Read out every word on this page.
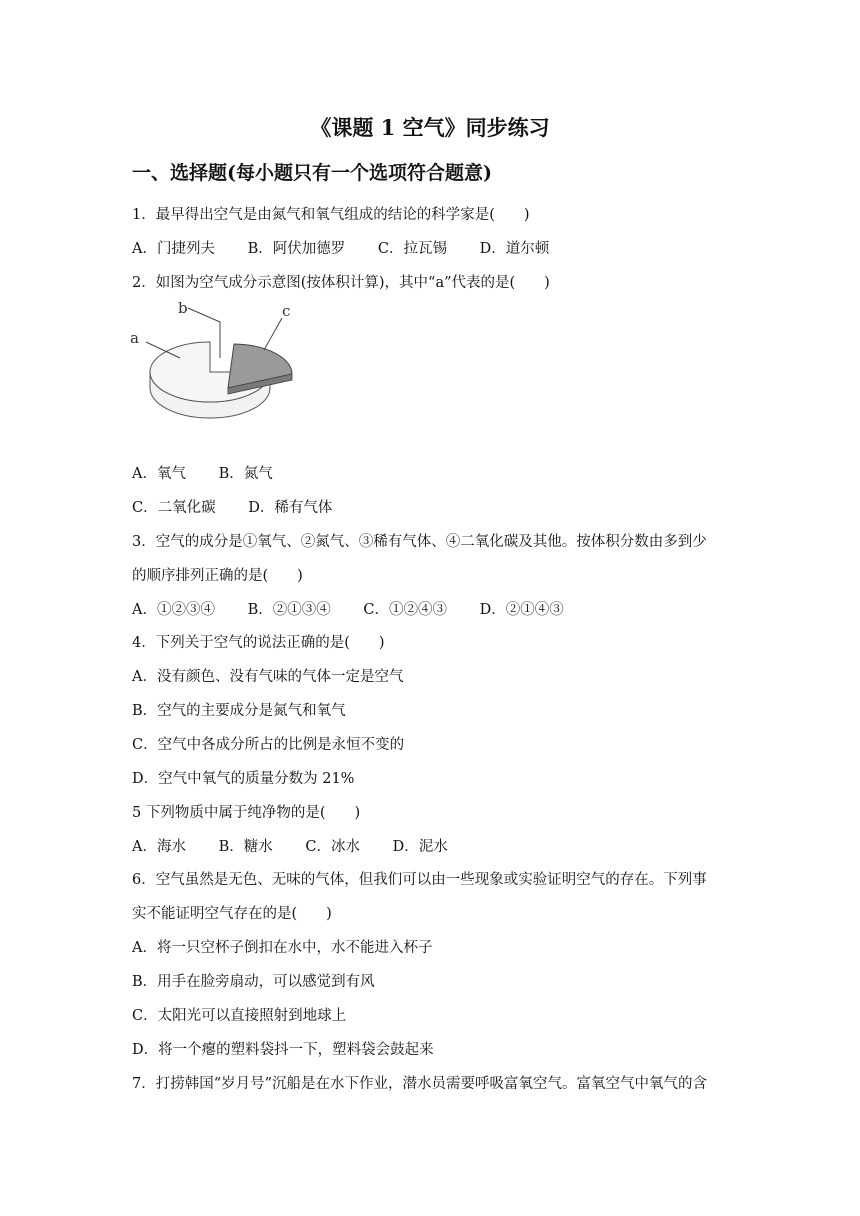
《课题 1 空气》同步练习
一、选择题(每小题只有一个选项符合题意)
1．最早得出空气是由氮气和氧气组成的结论的科学家是(　　)
A．门捷列夫 B．阿伏加德罗 C．拉瓦锡 D．道尔顿
2．如图为空气成分示意图(按体积计算)，其中“a”代表的是(　　)
a
b	c
A．氧气 B．氮气
C．二氧化碳 D．稀有气体
3．空气的成分是①氧气、②氮气、③稀有气体、④二氧化碳及其他。按体积分数由多到少
的顺序排列正确的是(　　)
A．①②③④ B．②①③④ C．①②④③ D．②①④③
4．下列关于空气的说法正确的是(　　)
A．没有颜色、没有气味的气体一定是空气
B．空气的主要成分是氮气和氧气
C．空气中各成分所占的比例是永恒不变的
D．空气中氧气的质量分数为 21%
5 下列物质中属于纯净物的是(　　)
A．海水 B．糖水 C．冰水 D．泥水
6．空气虽然是无色、无味的气体，但我们可以由一些现象或实验证明空气的存在。下列事
实不能证明空气存在的是(　　)
A．将一只空杯子倒扣在水中，水不能进入杯子
B．用手在脸旁扇动，可以感觉到有风
C．太阳光可以直接照射到地球上
D．将一个瘪的塑料袋抖一下，塑料袋会鼓起来
7．打捞韩国“岁月号”沉船是在水下作业，潜水员需要呼吸富氧空气。富氧空气中氧气的含
